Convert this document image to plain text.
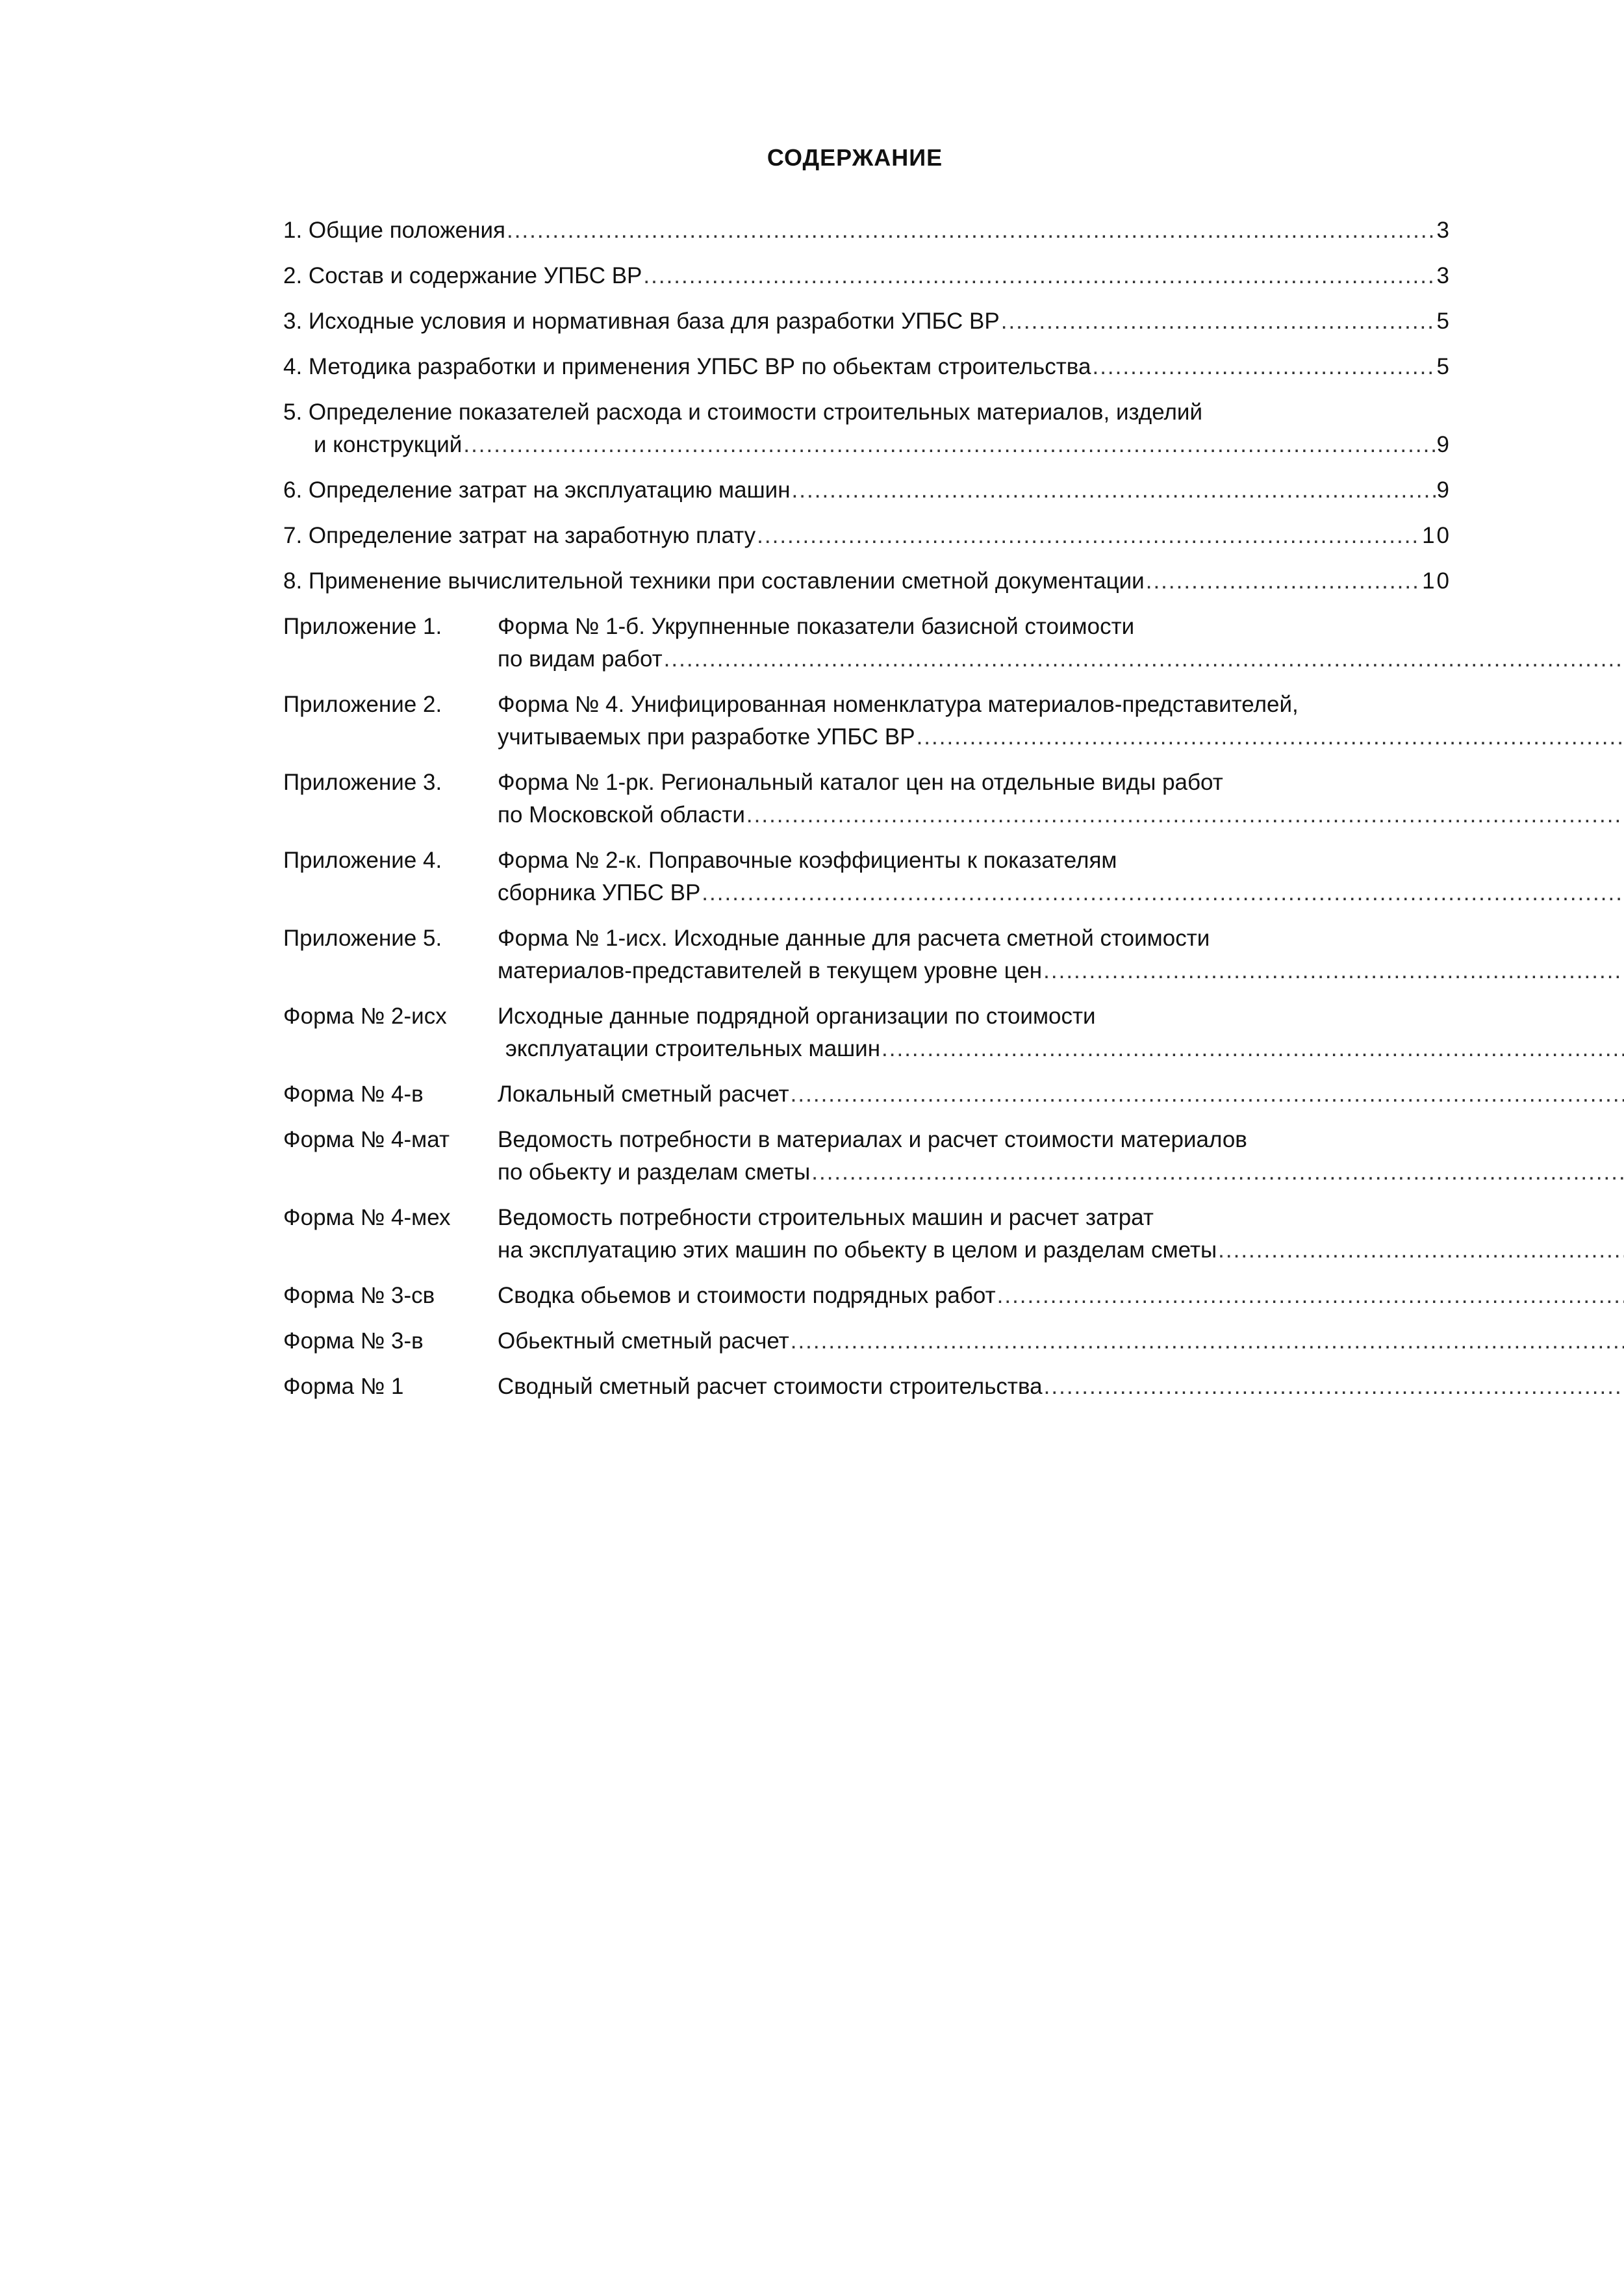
СОДЕРЖАНИЕ
1. Общие положения .....	3
2. Состав и содержание УПБС ВР .....	3
3. Исходные условия и нормативная база для разработки УПБС ВР .....	5
4. Методика разработки и применения УПБС ВР по обьектам строительства .....	5
5. Определение показателей расхода и стоимости строительных материалов, изделий
и конструкций .....	9
6. Определение затрат на эксплуатацию машин .....	9
7. Определение затрат на заработную плату .....	10
8. Применение вычислительной техники при составлении сметной документации .....	10
Приложение 1.	Форма № 1-б. Укрупненные показатели базисной стоимости
по видам работ
.....
Приложение 2.	Форма № 4. Унифицированная номенклатура материалов-представителей,
учитываемых при разработке УПБС ВР
.....
Приложение 3.	Форма № 1-рк. Региональный каталог цен на отдельные виды работ
по Московской области
.....
Приложение 4.	Форма № 2-к. Поправочные коэффициенты к показателям
сборника УПБС ВР
.....
Приложение 5.	Форма № 1-исх. Исходные данные для расчета сметной стоимости
материалов-представителей в текущем уровне цен
.....
Форма № 2-исх	Исходные данные подрядной организации по стоимости
эксплуатации строительных машин
.....
Форма № 4-в	Локальный сметный расчет
.....
Форма № 4-мат	Ведомость потребности в материалах и расчет стоимости материалов
по обьекту и разделам сметы
.....
Форма № 4-мех	Ведомость потребности строительных машин и расчет затрат
на эксплуатацию этих машин по обьекту в целом и разделам сметы
.....
Форма № 3-св	Сводка обьемов и стоимости подрядных работ
.....
Форма № 3-в	Обьектный сметный расчет
.....
Форма № 1	Сводный сметный расчет стоимости строительства
.....
